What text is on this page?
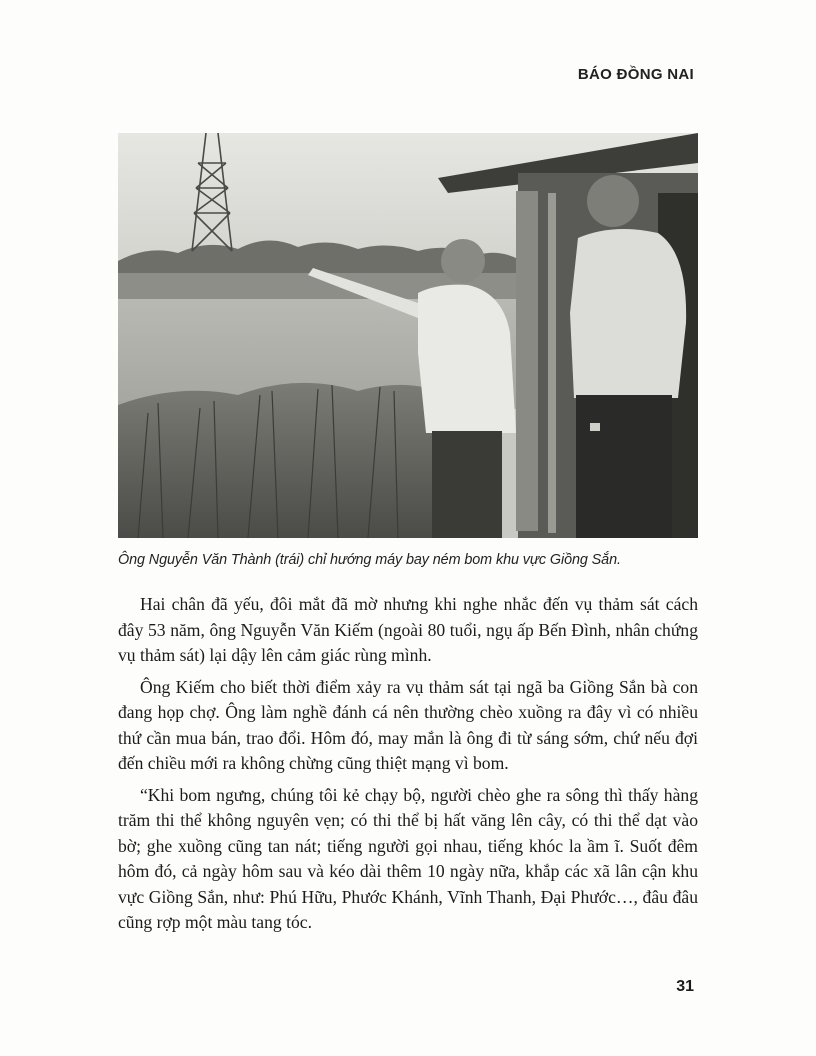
BÁO ĐỒNG NAI
Ông Nguyễn Văn Thành (trái) chỉ hướng máy bay ném bom khu vực Giồng Sắn.

Hai chân đã yếu, đôi mắt đã mờ nhưng khi nghe nhắc đến vụ thảm sát cách đây 53 năm, ông Nguyễn Văn Kiếm (ngoài 80 tuổi, ngụ ấp Bến Đình, nhân chứng vụ thảm sát) lại dậy lên cảm giác rùng mình.

Ông Kiếm cho biết thời điểm xảy ra vụ thảm sát tại ngã ba Giồng Sắn bà con đang họp chợ. Ông làm nghề đánh cá nên thường chèo xuồng ra đây vì có nhiều thứ cần mua bán, trao đổi. Hôm đó, may mắn là ông đi từ sáng sớm, chứ nếu đợi đến chiều mới ra không chừng cũng thiệt mạng vì bom.

“Khi bom ngưng, chúng tôi kẻ chạy bộ, người chèo ghe ra sông thì thấy hàng trăm thi thể không nguyên vẹn; có thi thể bị hất văng lên cây, có thi thể dạt vào bờ; ghe xuồng cũng tan nát; tiếng người gọi nhau, tiếng khóc la ầm ĩ. Suốt đêm hôm đó, cả ngày hôm sau và kéo dài thêm 10 ngày nữa, khắp các xã lân cận khu vực Giồng Sắn, như: Phú Hữu, Phước Khánh, Vĩnh Thanh, Đại Phước…, đâu đâu cũng rợp một màu tang tóc.

31
